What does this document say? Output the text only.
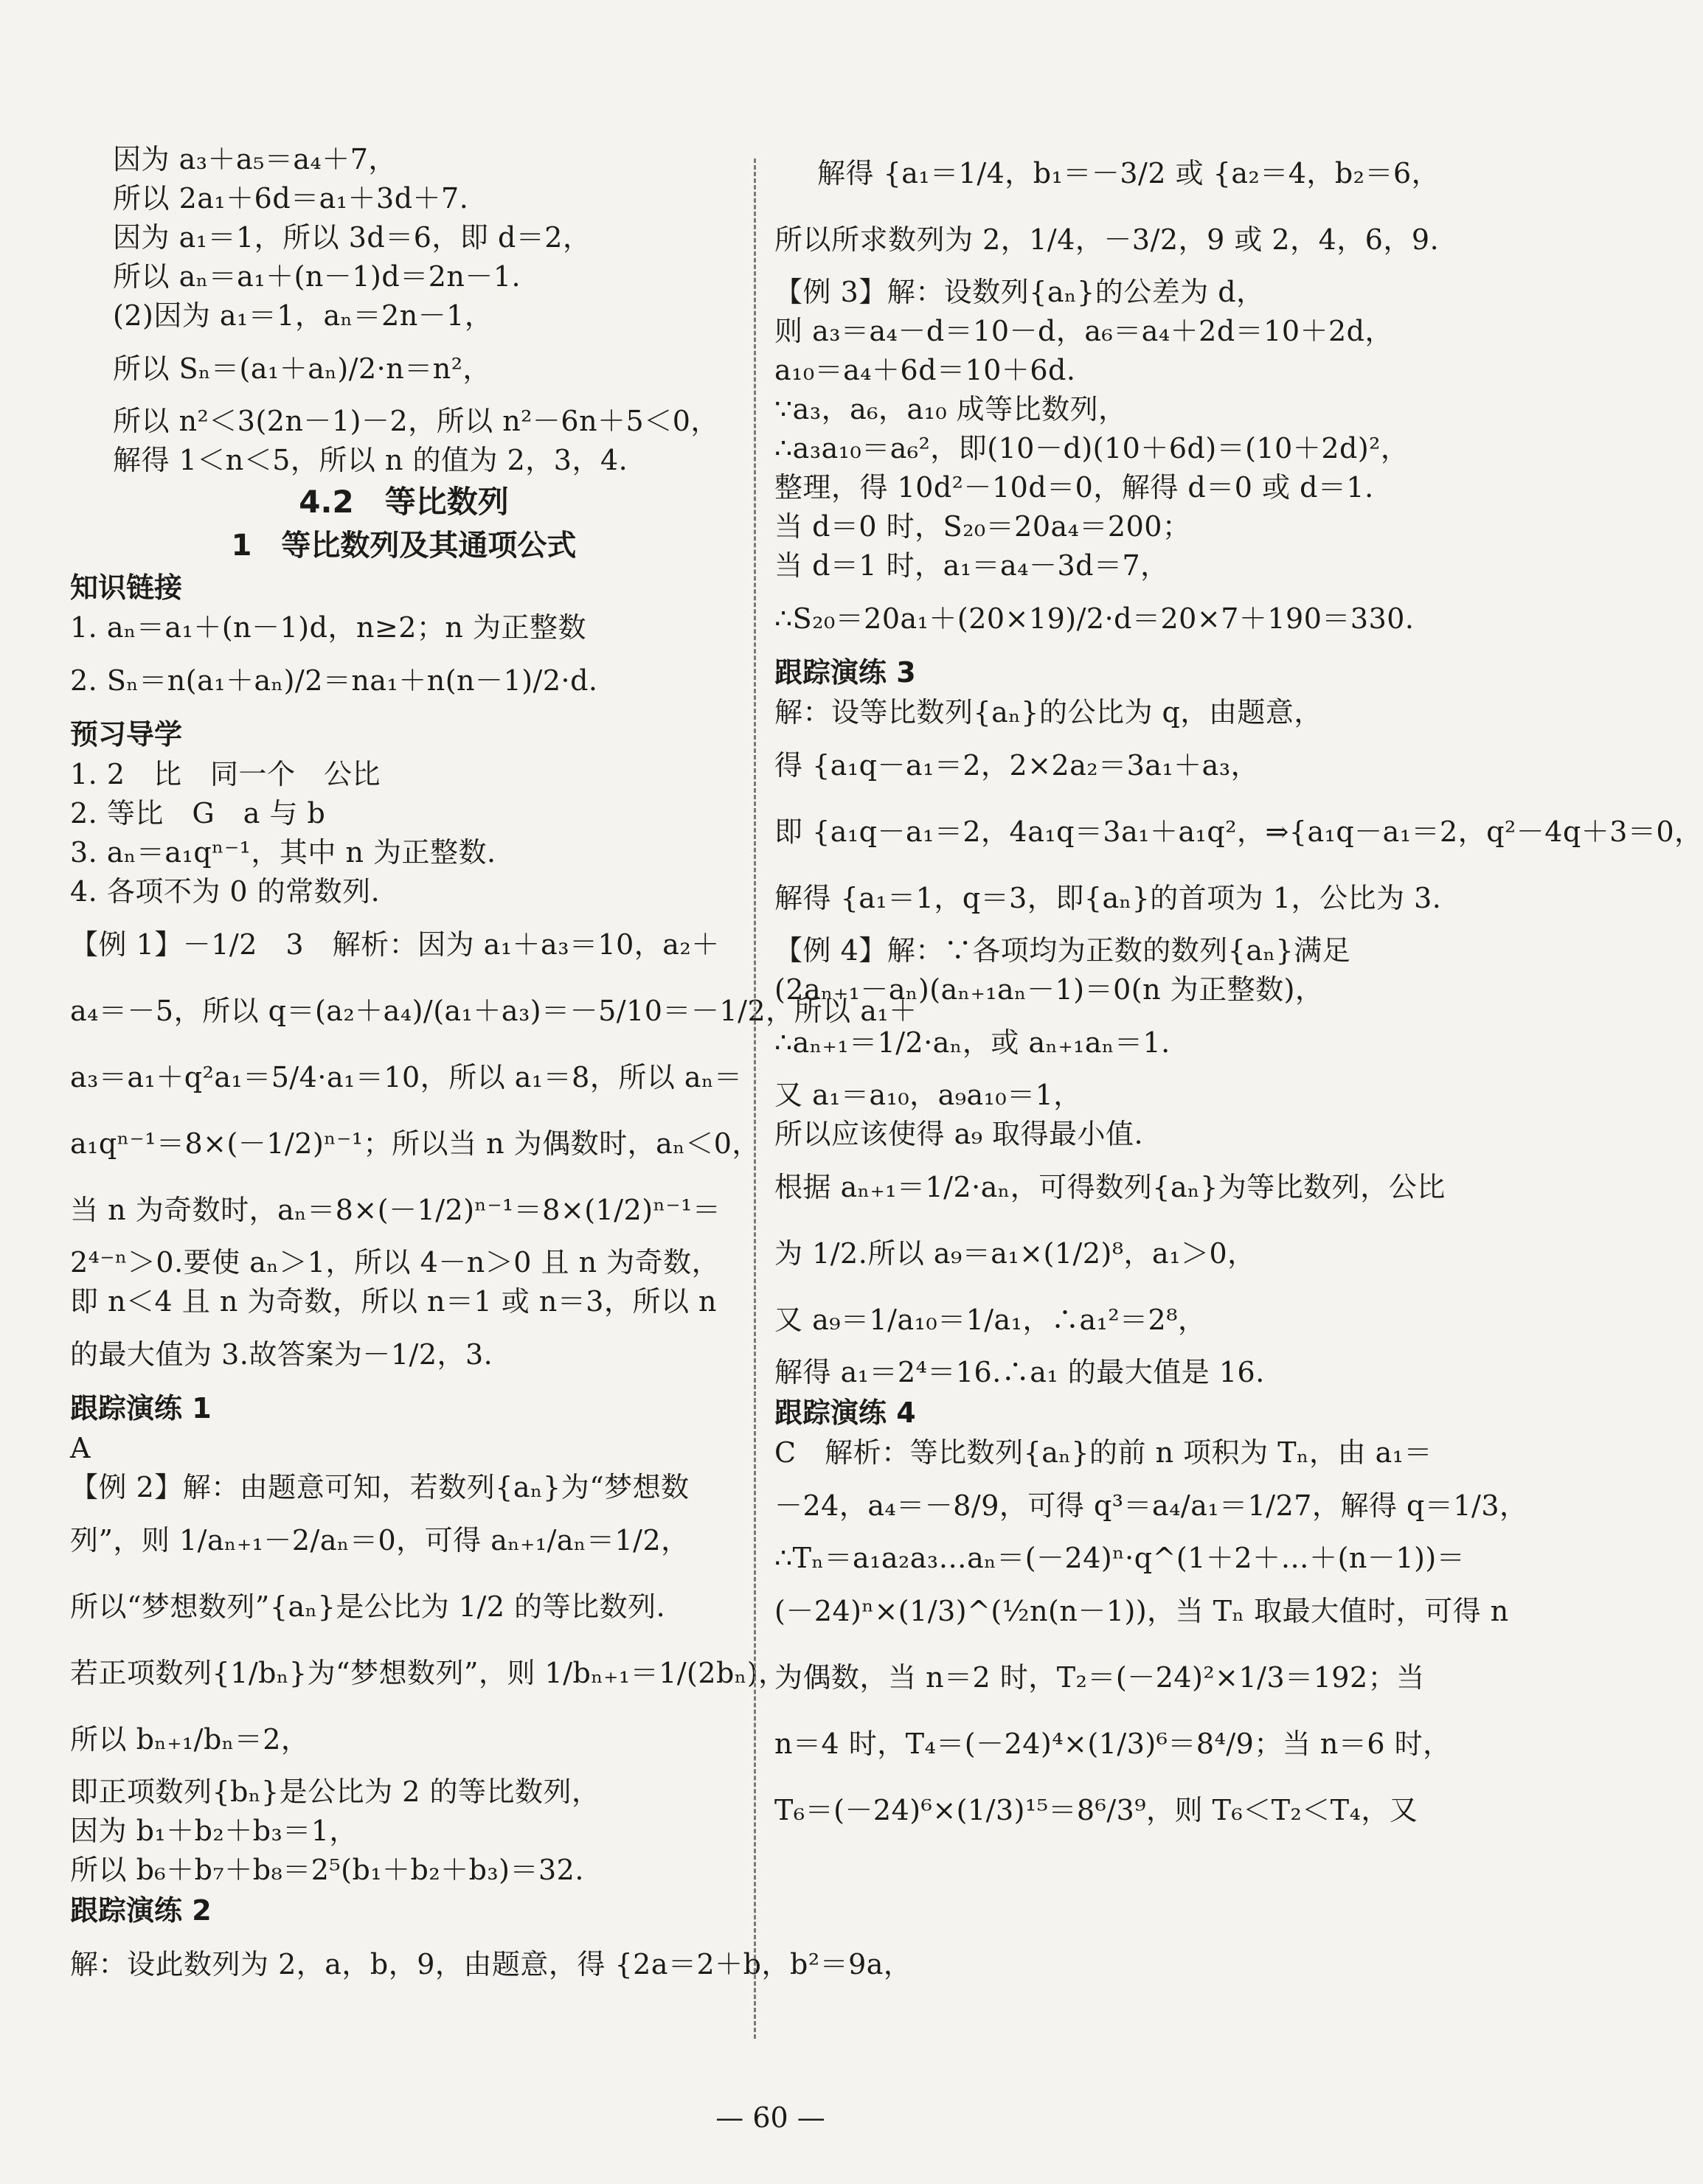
因为 a₃＋a₅＝a₄＋7，
所以 2a₁＋6d＝a₁＋3d＋7.
因为 a₁＝1，所以 3d＝6，即 d＝2，
所以 aₙ＝a₁＋(n－1)d＝2n－1.
(2)因为 a₁＝1，aₙ＝2n－1，
所以 Sₙ＝(a₁＋aₙ)/2·n＝n²，
所以 n²＜3(2n－1)－2，所以 n²－6n＋5＜0，
解得 1＜n＜5，所以 n 的值为 2，3，4.
4.2　等比数列
1　等比数列及其通项公式
知识链接
1. aₙ＝a₁＋(n－1)d，n≥2；n 为正整数
2. Sₙ＝n(a₁＋aₙ)/2＝na₁＋n(n－1)/2·d.
预习导学
1. 2　比　同一个　公比
2. 等比　G　a 与 b
3. aₙ＝a₁qⁿ⁻¹，其中 n 为正整数.
4. 各项不为 0 的常数列.
【例 1】－1/2　3　解析：因为 a₁＋a₃＝10，a₂＋
a₄＝－5，所以 q＝(a₂＋a₄)/(a₁＋a₃)＝－5/10＝－1/2，所以 a₁＋
a₃＝a₁＋q²a₁＝5/4·a₁＝10，所以 a₁＝8，所以 aₙ＝
a₁qⁿ⁻¹＝8×(－1/2)ⁿ⁻¹；所以当 n 为偶数时，aₙ＜0，
当 n 为奇数时，aₙ＝8×(－1/2)ⁿ⁻¹＝8×(1/2)ⁿ⁻¹＝
2⁴⁻ⁿ＞0.要使 aₙ＞1，所以 4－n＞0 且 n 为奇数，
即 n＜4 且 n 为奇数，所以 n＝1 或 n＝3，所以 n
的最大值为 3.故答案为－1/2，3.
跟踪演练 1
A
【例 2】解：由题意可知，若数列{aₙ}为“梦想数
列”，则 1/aₙ₊₁－2/aₙ＝0，可得 aₙ₊₁/aₙ＝1/2，
所以“梦想数列”{aₙ}是公比为 1/2 的等比数列.
若正项数列{1/bₙ}为“梦想数列”，则 1/bₙ₊₁＝1/(2bₙ)，
所以 bₙ₊₁/bₙ＝2，
即正项数列{bₙ}是公比为 2 的等比数列，
因为 b₁＋b₂＋b₃＝1，
所以 b₆＋b₇＋b₈＝2⁵(b₁＋b₂＋b₃)＝32.
跟踪演练 2
解：设此数列为 2，a，b，9，由题意，得 {2a＝2＋b，b²＝9a，
解得 {a₁＝1/4，b₁＝－3/2 或 {a₂＝4，b₂＝6，
所以所求数列为 2，1/4，－3/2，9 或 2，4，6，9.
【例 3】解：设数列{aₙ}的公差为 d，
则 a₃＝a₄－d＝10－d，a₆＝a₄＋2d＝10＋2d，
a₁₀＝a₄＋6d＝10＋6d.
∵a₃，a₆，a₁₀ 成等比数列，
∴a₃a₁₀＝a₆²，即(10－d)(10＋6d)＝(10＋2d)²，
整理，得 10d²－10d＝0，解得 d＝0 或 d＝1.
当 d＝0 时，S₂₀＝20a₄＝200；
当 d＝1 时，a₁＝a₄－3d＝7，
∴S₂₀＝20a₁＋(20×19)/2·d＝20×7＋190＝330.
跟踪演练 3
解：设等比数列{aₙ}的公比为 q，由题意，
得 {a₁q－a₁＝2，2×2a₂＝3a₁＋a₃，
即 {a₁q－a₁＝2，4a₁q＝3a₁＋a₁q²，⇒{a₁q－a₁＝2，q²－4q＋3＝0，
解得 {a₁＝1，q＝3，即{aₙ}的首项为 1，公比为 3.
【例 4】解：∵各项均为正数的数列{aₙ}满足
(2aₙ₊₁－aₙ)(aₙ₊₁aₙ－1)＝0(n 为正整数)，
∴aₙ₊₁＝1/2·aₙ，或 aₙ₊₁aₙ＝1.
又 a₁＝a₁₀，a₉a₁₀＝1，
所以应该使得 a₉ 取得最小值.
根据 aₙ₊₁＝1/2·aₙ，可得数列{aₙ}为等比数列，公比
为 1/2.所以 a₉＝a₁×(1/2)⁸，a₁＞0，
又 a₉＝1/a₁₀＝1/a₁，∴a₁²＝2⁸，
解得 a₁＝2⁴＝16.∴a₁ 的最大值是 16.
跟踪演练 4
C　解析：等比数列{aₙ}的前 n 项积为 Tₙ，由 a₁＝
－24，a₄＝－8/9，可得 q³＝a₄/a₁＝1/27，解得 q＝1/3，
∴Tₙ＝a₁a₂a₃…aₙ＝(－24)ⁿ·q^(1＋2＋…＋(n－1))＝
(－24)ⁿ×(1/3)^(½n(n－1))，当 Tₙ 取最大值时，可得 n
为偶数，当 n＝2 时，T₂＝(－24)²×1/3＝192；当
n＝4 时，T₄＝(－24)⁴×(1/3)⁶＝8⁴/9；当 n＝6 时，
T₆＝(－24)⁶×(1/3)¹⁵＝8⁶/3⁹，则 T₆＜T₂＜T₄，又
— 60 —
